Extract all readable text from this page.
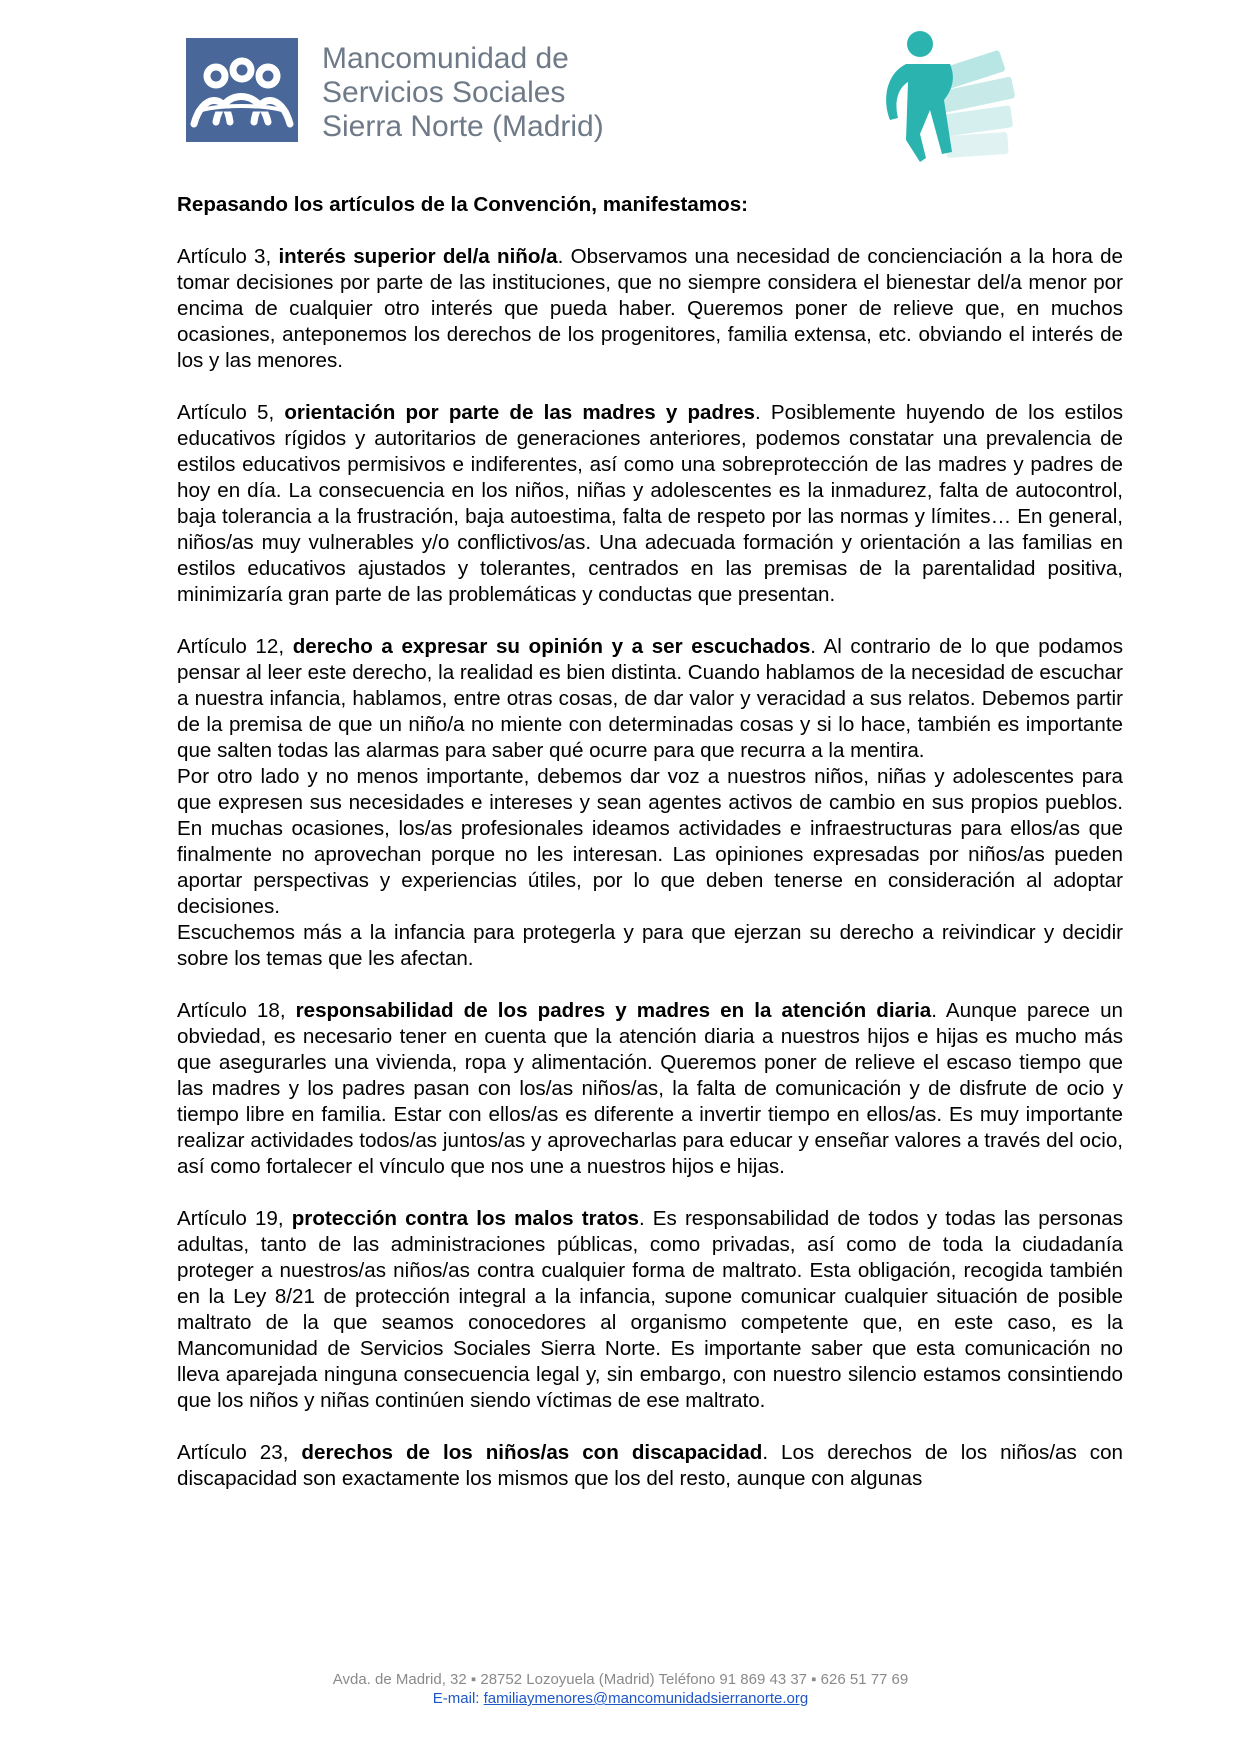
Mancomunidad de
Servicios Sociales
Sierra Norte (Madrid)

Repasando los artículos de la Convención, manifestamos:

Artículo 3, interés superior del/a niño/a. Observamos una necesidad de concienciación a la hora de tomar decisiones por parte de las instituciones, que no siempre considera el bienestar del/a menor por encima de cualquier otro interés que pueda haber. Queremos poner de relieve que, en muchos ocasiones, anteponemos los derechos de los progenitores, familia extensa, etc. obviando el interés de los y las menores.

Artículo 5, orientación por parte de las madres y padres. Posiblemente huyendo de los estilos educativos rígidos y autoritarios de generaciones anteriores, podemos constatar una prevalencia de estilos educativos permisivos e indiferentes, así como una sobreprotección de las madres y padres de hoy en día. La consecuencia en los niños, niñas y adolescentes es la inmadurez, falta de autocontrol, baja tolerancia a la frustración, baja autoestima, falta de respeto por las normas y límites… En general, niños/as muy vulnerables y/o conflictivos/as. Una adecuada formación y orientación a las familias en estilos educativos ajustados y tolerantes, centrados en las premisas de la parentalidad positiva, minimizaría gran parte de las problemáticas y conductas que presentan.

Artículo 12, derecho a expresar su opinión y a ser escuchados. Al contrario de lo que podamos pensar al leer este derecho, la realidad es bien distinta. Cuando hablamos de la necesidad de escuchar a nuestra infancia, hablamos, entre otras cosas, de dar valor y veracidad a sus relatos. Debemos partir de la premisa de que un niño/a no miente con determinadas cosas y si lo hace, también es importante que salten todas las alarmas para saber qué ocurre para que recurra a la mentira.

Por otro lado y no menos importante, debemos dar voz a nuestros niños, niñas y adolescentes para que expresen sus necesidades e intereses y sean agentes activos de cambio en sus propios pueblos. En muchas ocasiones, los/as profesionales ideamos actividades e infraestructuras para ellos/as que finalmente no aprovechan porque no les interesan. Las opiniones expresadas por niños/as pueden aportar perspectivas y experiencias útiles, por lo que deben tenerse en consideración al adoptar decisiones.

Escuchemos más a la infancia para protegerla y para que ejerzan su derecho a reivindicar y decidir sobre los temas que les afectan.

Artículo 18, responsabilidad de los padres y madres en la atención diaria. Aunque parece un obviedad, es necesario tener en cuenta que la atención diaria a nuestros hijos e hijas es mucho más que asegurarles una vivienda, ropa y alimentación. Queremos poner de relieve el escaso tiempo que las madres y los padres pasan con los/as niños/as, la falta de comunicación y de disfrute de ocio y tiempo libre en familia. Estar con ellos/as es diferente a invertir tiempo en ellos/as. Es muy importante realizar actividades todos/as juntos/as y aprovecharlas para educar y enseñar valores a través del ocio, así como fortalecer el vínculo que nos une a nuestros hijos e hijas.

Artículo 19, protección contra los malos tratos. Es responsabilidad de todos y todas las personas adultas, tanto de las administraciones públicas, como privadas, así como de toda la ciudadanía proteger a nuestros/as niños/as contra cualquier forma de maltrato. Esta obligación, recogida también en la Ley 8/21 de protección integral a la infancia, supone comunicar cualquier situación de posible maltrato de la que seamos conocedores al organismo competente que, en este caso, es la Mancomunidad de Servicios Sociales Sierra Norte. Es importante saber que esta comunicación no lleva aparejada ninguna consecuencia legal y, sin embargo, con nuestro silencio estamos consintiendo que los niños y niñas continúen siendo víctimas de ese maltrato.

Artículo 23, derechos de los niños/as con discapacidad. Los derechos de los niños/as con discapacidad son exactamente los mismos que los del resto, aunque con algunas

Avda. de Madrid, 32 ▪ 28752 Lozoyuela (Madrid) Teléfono 91 869 43 37 ▪ 626 51 77 69
E-mail: familiaymenores@mancomunidadsierranorte.org
